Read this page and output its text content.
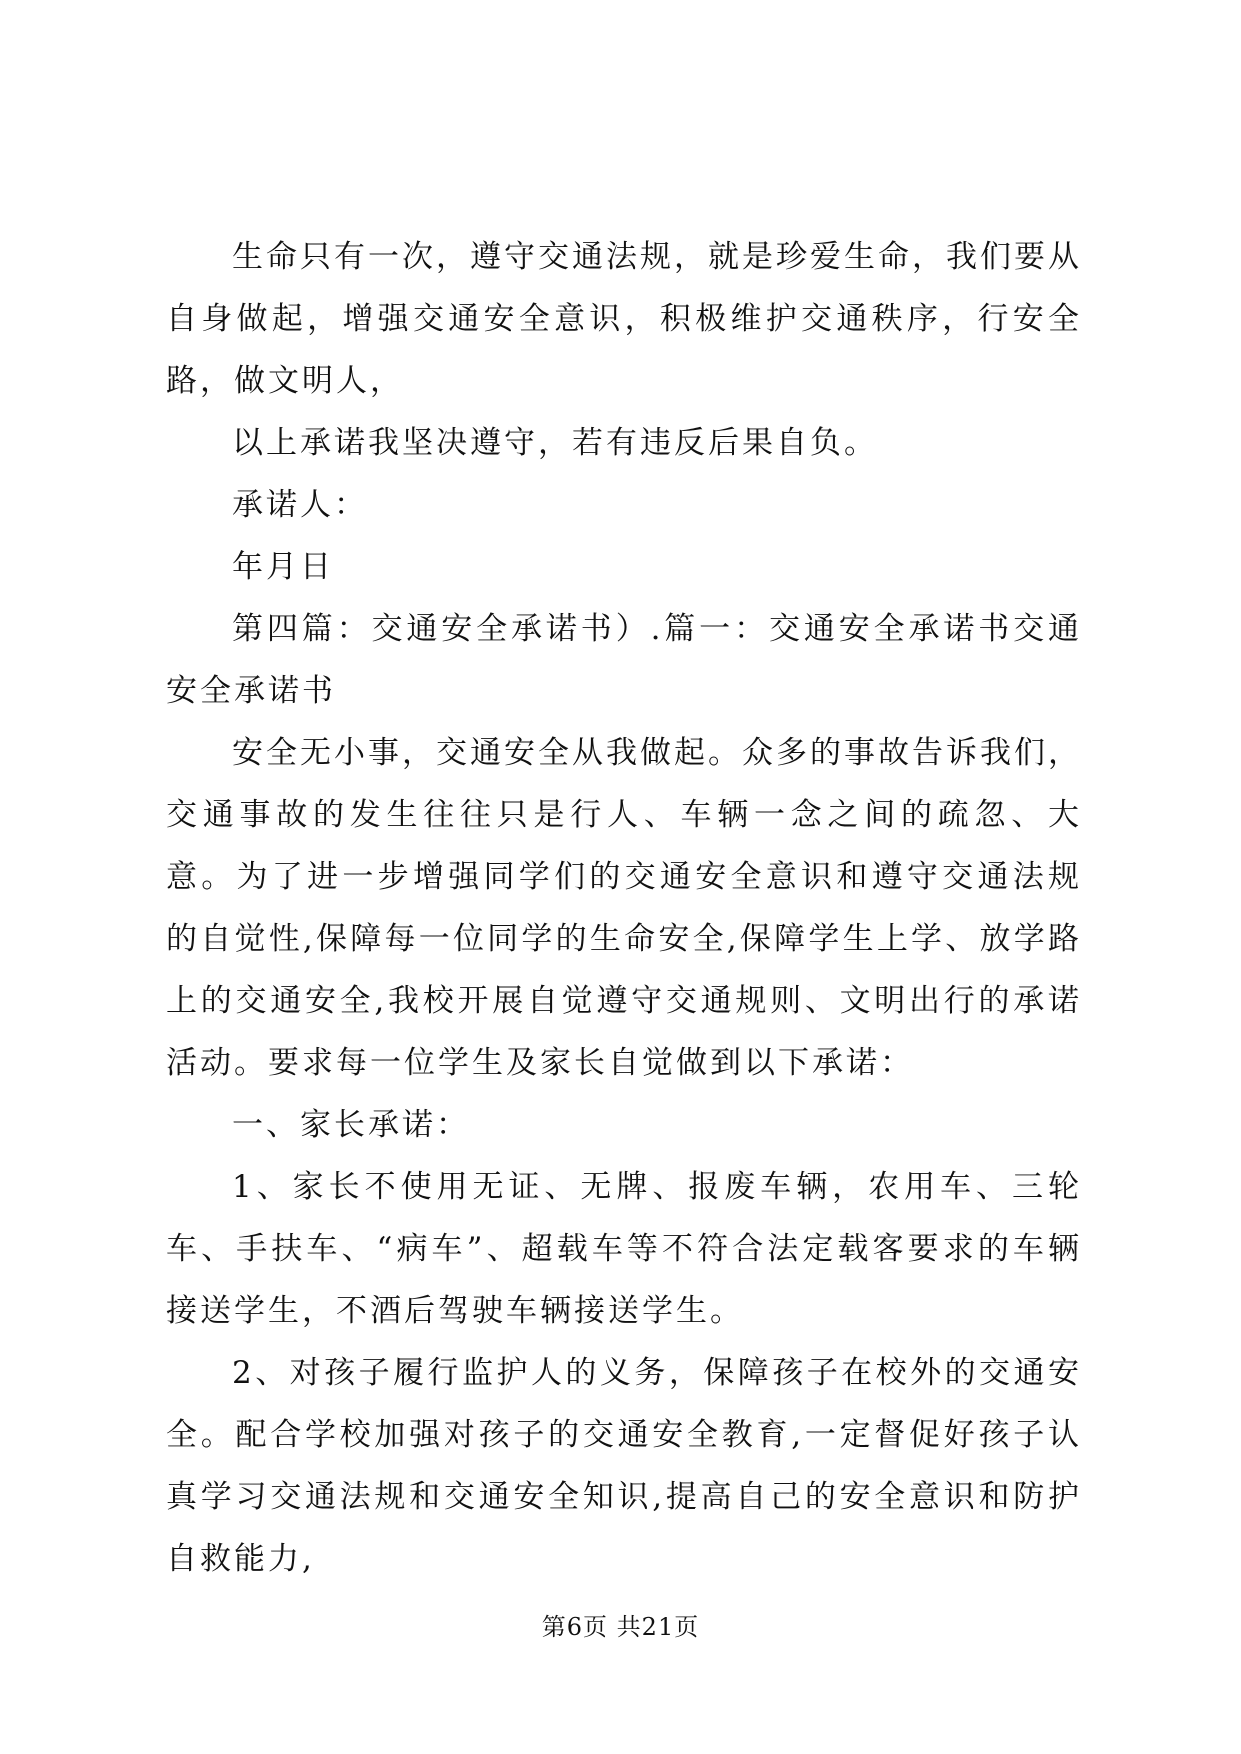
生命只有一次，遵守交通法规，就是珍爱生命，我们要从自身做起，增强交通安全意识，积极维护交通秩序，行安全路，做文明人，

以上承诺我坚决遵守，若有违反后果自负。

承诺人：

年月日

第四篇：交通安全承诺书）.篇一：交通安全承诺书交通安全承诺书

安全无小事，交通安全从我做起。众多的事故告诉我们，交通事故的发生往往只是行人、车辆一念之间的疏忽、大意。为了进一步增强同学们的交通安全意识和遵守交通法规的自觉性,保障每一位同学的生命安全,保障学生上学、放学路上的交通安全,我校开展自觉遵守交通规则、文明出行的承诺活动。要求每一位学生及家长自觉做到以下承诺：

一、家长承诺：

1、家长不使用无证、无牌、报废车辆，农用车、三轮车、手扶车、“病车”、超载车等不符合法定载客要求的车辆接送学生，不酒后驾驶车辆接送学生。

2、对孩子履行监护人的义务，保障孩子在校外的交通安全。配合学校加强对孩子的交通安全教育,一定督促好孩子认真学习交通法规和交通安全知识,提高自己的安全意识和防护自救能力,

第6页 共21页
